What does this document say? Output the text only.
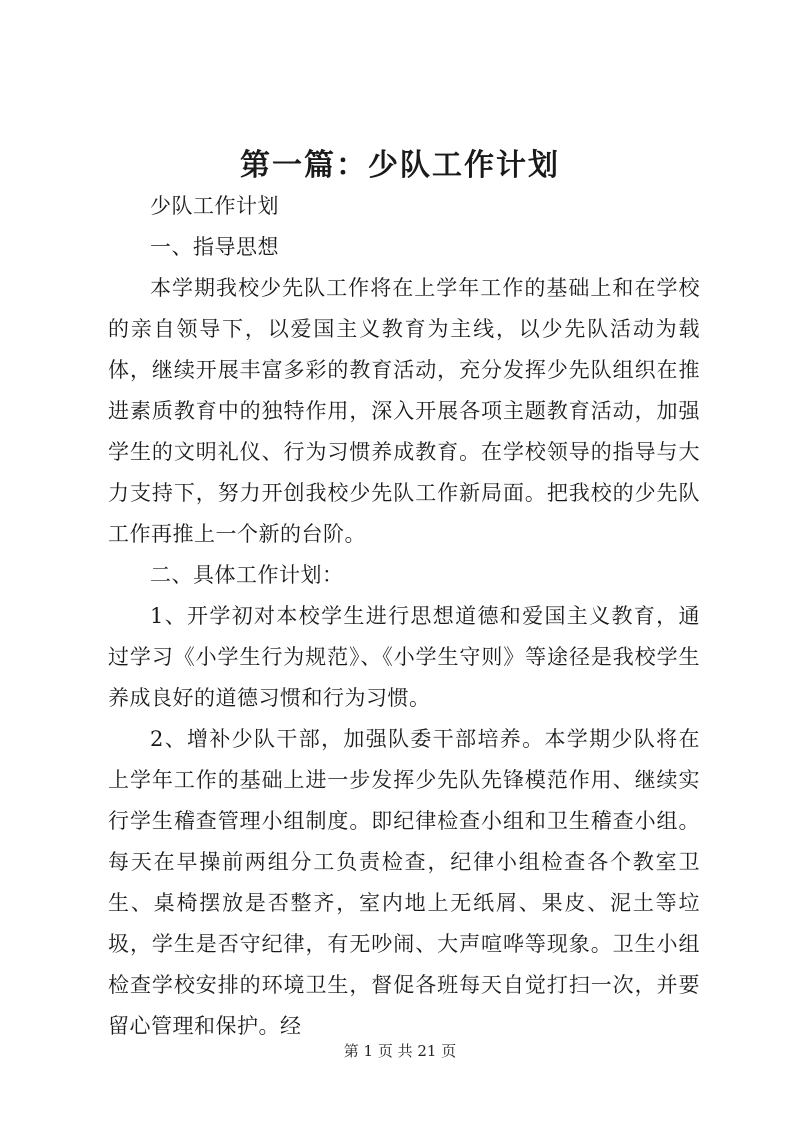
第一篇：少队工作计划

少队工作计划

一、指导思想

本学期我校少先队工作将在上学年工作的基础上和在学校的亲自领导下，以爱国主义教育为主线，以少先队活动为载体，继续开展丰富多彩的教育活动，充分发挥少先队组织在推进素质教育中的独特作用，深入开展各项主题教育活动，加强学生的文明礼仪、行为习惯养成教育。在学校领导的指导与大力支持下，努力开创我校少先队工作新局面。把我校的少先队工作再推上一个新的台阶。

二、具体工作计划：

1、开学初对本校学生进行思想道德和爱国主义教育，通过学习《小学生行为规范》、《小学生守则》等途径是我校学生养成良好的道德习惯和行为习惯。

2、增补少队干部，加强队委干部培养。本学期少队将在上学年工作的基础上进一步发挥少先队先锋模范作用、继续实行学生稽查管理小组制度。即纪律检查小组和卫生稽查小组。每天在早操前两组分工负责检查，纪律小组检查各个教室卫生、桌椅摆放是否整齐，室内地上无纸屑、果皮、泥土等垃圾，学生是否守纪律，有无吵闹、大声喧哗等现象。卫生小组检查学校安排的环境卫生，督促各班每天自觉打扫一次，并要留心管理和保护。经

第 1 页 共 21 页
